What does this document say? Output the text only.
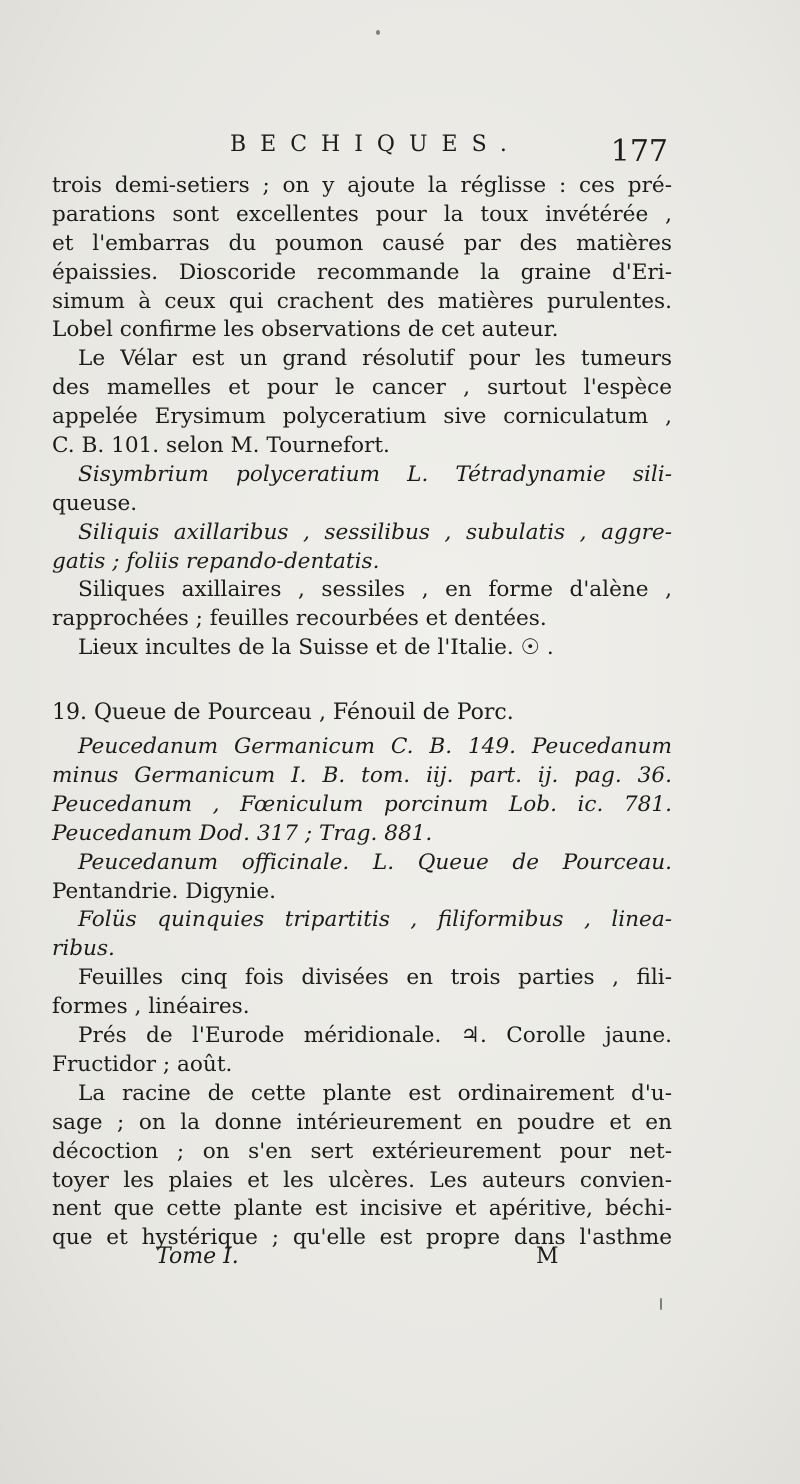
BECHIQUES.	177
trois demi-setiers ; on y ajoute la réglisse : ces pré-
parations sont excellentes pour la toux invétérée ,
et l'embarras du poumon causé par des matières
épaissies. Dioscoride recommande la graine d'Eri-
simum à ceux qui crachent des matières purulentes.
Lobel confirme les observations de cet auteur.
Le Vélar est un grand résolutif pour les tumeurs
des mamelles et pour le cancer , surtout l'espèce
appelée Erysimum polyceratium sive corniculatum ,
C. B. 101. selon M. Tournefort.
Sisymbrium polyceratium L. Tétradynamie sili-
queuse.
Siliquis axillaribus , sessilibus , subulatis , aggre-
gatis ; foliis repando-dentatis.
Siliques axillaires , sessiles , en forme d'alène ,
rapprochées ; feuilles recourbées et dentées.
Lieux incultes de la Suisse et de l'Italie. ☉ .
19. Queue de Pourceau , Fénouil de Porc.
Peucedanum Germanicum C. B. 149. Peucedanum
minus Germanicum I. B. tom. iij. part. ij. pag. 36.
Peucedanum , Fœniculum porcinum Lob. ic. 781.
Peucedanum Dod. 317 ; Trag. 881.
Peucedanum officinale. L. Queue de Pourceau.
Pentandrie. Digynie.
Folüs quinquies tripartitis , filiformibus , linea-
ribus.
Feuilles cinq fois divisées en trois parties , fili-
formes , linéaires.
Prés de l'Eurode méridionale. ♃. Corolle jaune.
Fructidor ; août.
La racine de cette plante est ordinairement d'u-
sage ; on la donne intérieurement en poudre et en
décoction ; on s'en sert extérieurement pour net-
toyer les plaies et les ulcères. Les auteurs convien-
nent que cette plante est incisive et apéritive, béchi-
que et hystérique ; qu'elle est propre dans l'asthme
Tome I.	M
